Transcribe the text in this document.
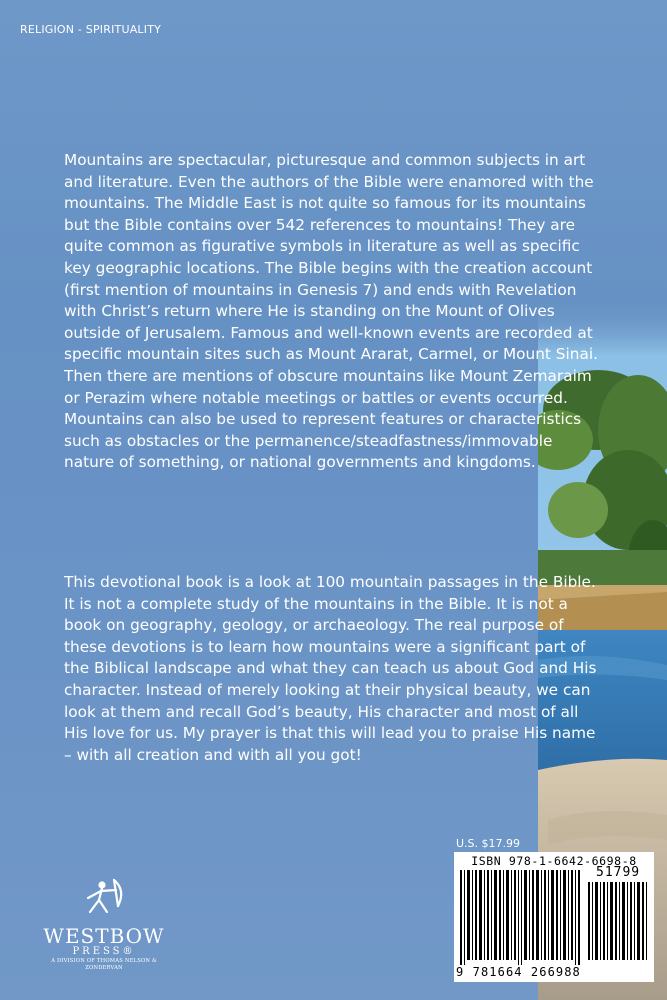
RELIGION - SPIRITUALITY

Mountains are spectacular, picturesque and common subjects in art and literature. Even the authors of the Bible were enamored with the mountains. The Middle East is not quite so famous for its mountains but the Bible contains over 542 references to mountains! They are quite common as figurative symbols in literature as well as specific key geographic locations. The Bible begins with the creation account (first mention of mountains in Genesis 7) and ends with Revelation with Christ’s return where He is standing on the Mount of Olives outside of Jerusalem. Famous and well-known events are recorded at specific mountain sites such as Mount Ararat, Carmel, or Mount Sinai. Then there are mentions of obscure mountains like Mount Zemaraim or Perazim where notable meetings or battles or events occurred. Mountains can also be used to represent features or characteristics such as obstacles or the permanence/steadfastness/immovable nature of something, or national governments and kingdoms.

This devotional book is a look at 100 mountain passages in the Bible. It is not a complete study of the mountains in the Bible. It is not a book on geography, geology, or archaeology. The real purpose of these devotions is to learn how mountains were a significant part of the Biblical landscape and what they can teach us about God and His character. Instead of merely looking at their physical beauty, we can look at them and recall God’s beauty, His character and most of all His love for us. My prayer is that this will lead you to praise His name – with all creation and with all you got!

U.S. $17.99
ISBN 978-1-6642-6698-8
51799
9 781664 266988
WESTBOW
PRESS®
A DIVISION OF THOMAS NELSON & ZONDERVAN
